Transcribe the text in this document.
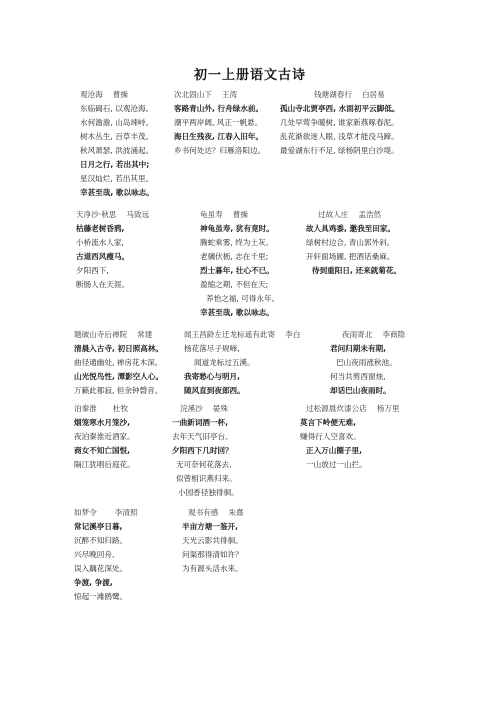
初一上册语文古诗
观沧海 曹操
东临碣石, 以观沧海。
水何澹澹, 山岛竦峙。
树木丛生, 百草丰茂。
秋风萧瑟, 洪波涌起。
日月之行, 若出其中;
星汉灿烂, 若出其里。
幸甚至哉, 歌以咏志。
次北固山下 王湾
客路青山外, 行舟绿水前。
潮平两岸阔, 风正一帆悬。
海日生残夜, 江春入旧年。
乡书何处达？归雁洛阳边。
钱塘湖春行 白居易
孤山寺北贾亭西, 水面初平云脚低。
几处早莺争暖树, 谁家新燕啄春泥。
乱花渐欲迷人眼, 浅草才能没马蹄。
最爱湖东行不足, 绿杨阴里白沙堤。
天净沙·秋思 马致远
枯藤老树昏鸦,
小桥流水人家,
古道西风瘦马。
夕阳西下,
断肠人在天涯。
龟虽寿 曹操
神龟虽寿, 犹有竟时。
腾蛇乘雾, 终为土灰。
老骥伏枥, 志在千里;
烈士暮年, 壮心不已。
盈缩之期, 不但在天;
养怡之福, 可得永年。
幸甚至哉, 歌以咏志。
过故人庄 孟浩然
故人具鸡黍, 邀我至田家。
绿树村边合, 青山郭外斜。
开轩面场圃, 把酒话桑麻。
待到重阳日, 还来就菊花。
题破山寺后禅院 常建
清晨入古寺, 初日照高林。
曲径通幽处, 禅房花木深。
山光悦鸟性, 潭影空人心。
万籁此都寂, 但余钟磬音。
闻王昌龄左迁龙标遥有此寄 李白
杨花落尽子规啼,
闻道龙标过五溪。
我寄愁心与明月,
随风直到夜郎西。
夜雨寄北 李商隐
君问归期未有期,
巴山夜雨涨秋池。
何当共剪西窗烛,
却话巴山夜雨时。
泊秦淮 杜牧
烟笼寒水月笼沙,
夜泊秦淮近酒家。
商女不知亡国恨,
隔江犹唱后庭花。
浣溪沙 晏殊
一曲新词酒一杯,
去年天气旧亭台。
夕阳西下几时回？
无可奈何花落去,
似曾相识燕归来。
小园香径独徘徊。
过松源晨炊漆公店 杨万里
莫言下岭便无难,
赚得行人空喜欢。
正入万山圈子里,
一山放过一山拦。
如梦令 李清照
常记溪亭日暮,
沉醉不知归路。
兴尽晚回舟,
误入藕花深处。
争渡, 争渡,
惊起一滩鸥鹭。
观书有感 朱熹
半亩方塘一鉴开,
天光云影共徘徊。
问渠那得清如许？
为有源头活水来。
